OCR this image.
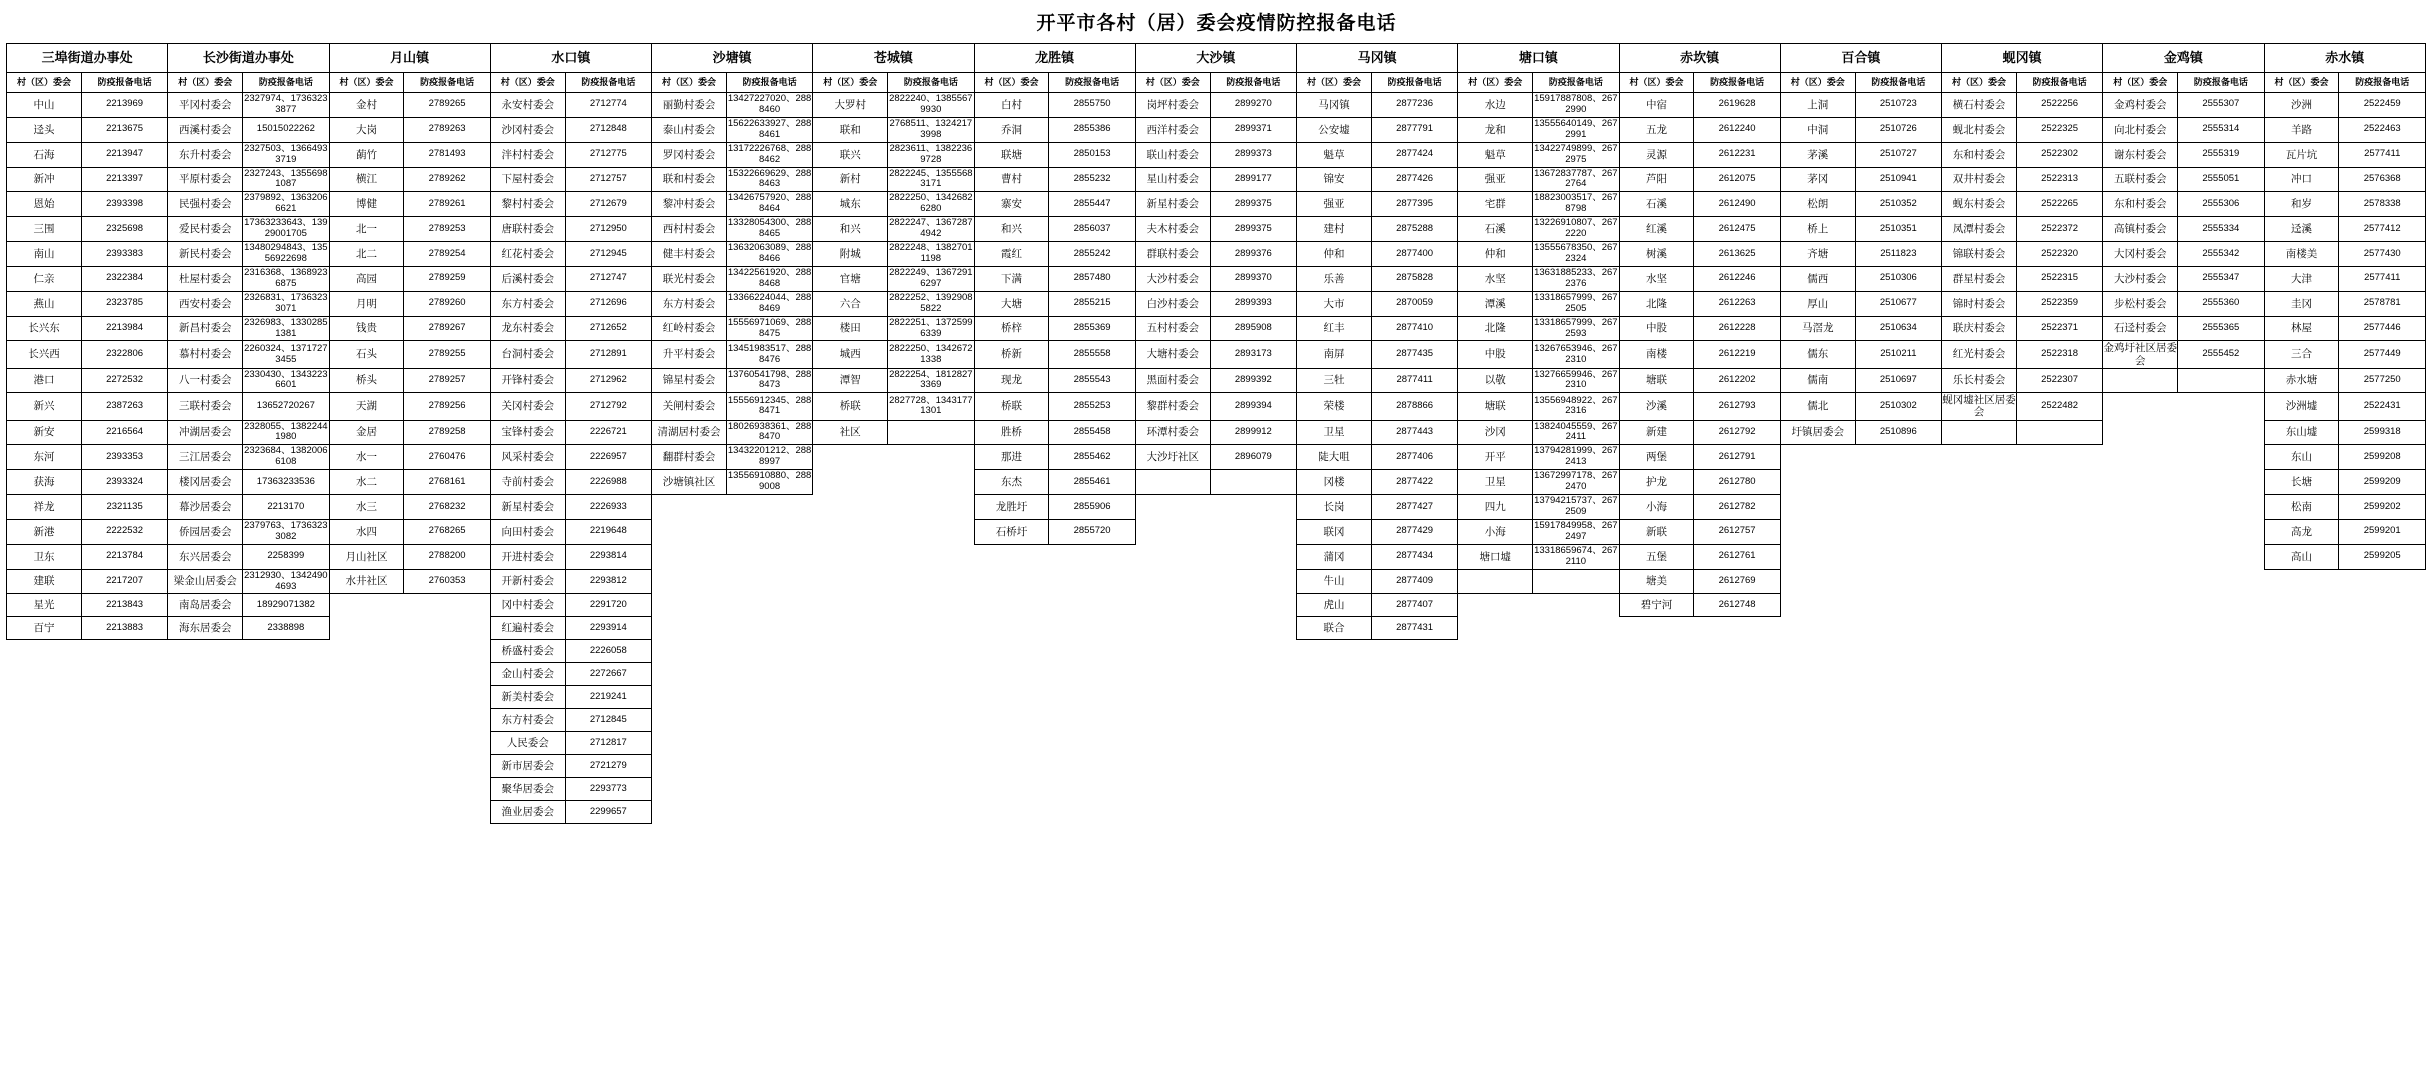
开平市各村（居）委会疫情防控报备电话
三埠街道办事处		长沙街道办事处		月山镇		水口镇		沙塘镇		苍城镇		龙胜镇		大沙镇		马冈镇		塘口镇		赤坎镇		百合镇		蚬冈镇		金鸡镇		赤水镇	
村（区）委会	防疫报备电话	村（区）委会	防疫报备电话	村（区）委会	防疫报备电话	村（区）委会	防疫报备电话	村（区）委会	防疫报备电话	村（区）委会	防疫报备电话	村（区）委会	防疫报备电话	村（区）委会	防疫报备电话	村（区）委会	防疫报备电话	村（区）委会	防疫报备电话	村（区）委会	防疫报备电话	村（区）委会	防疫报备电话	村（区）委会	防疫报备电话	村（区）委会	防疫报备电话	村（区）委会	防疫报备电话
中山	2213969	平冈村委会	2327974、17363233877	金村	2789265	永安村委会	2712774	丽勤村委会	13427227020、2888460	大罗村	2822240、13855679930	白村	2855750	岗坪村委会	2899270	马冈镇	2877236	水边	15917887808、2672990	中宿	2619628	上洞	2510723	横石村委会	2522256	金鸡村委会	2555307	沙洲	2522459
迳头	2213675	西溪村委会	15015022262	大岗	2789263	沙冈村委会	2712848	泰山村委会	15622633927、2888461	联和	2768511、13242173998	乔洞	2855386	西洋村委会	2899371	公安墟	2877791	龙和	13555640149、2672991	五龙	2612240	中洞	2510726	蚬北村委会	2522325	向北村委会	2555314	羊路	2522463
石海	2213947	东升村委会	2327503、13664933719	蓢竹	2781493	泮村村委会	2712775	罗冈村委会	13172226768、2888462	联兴	2823611、13822369728	联塘	2850153	联山村委会	2899373	魁草	2877424	魁草	13422749899、2672975	灵源	2612231	茅溪	2510727	东和村委会	2522302	谢东村委会	2555319	瓦片坑	2577411
新冲	2213397	平原村委会	2327243、13556981087	横江	2789262	下屋村委会	2712757	联和村委会	15322669629、2888463	新村	2822245、13555683171	曹村	2855232	星山村委会	2899177	锦安	2877426	强亚	13672837787、2672764	芦阳	2612075	茅冈	2510941	双井村委会	2522313	五联村委会	2555051	冲口	2576368
恩始	2393398	民强村委会	2379892、13632066621	博健	2789261	黎村村委会	2712679	黎冲村委会	13426757920、2888464	城东	2822250、13426826280	寨安	2855447	新星村委会	2899375	强亚	2877395	宅群	18823003517、2678798	石溪	2612490	松朗	2510352	蚬东村委会	2522265	东和村委会	2555306	和岁	2578338
三围	2325698	爱民村委会	17363233643、13929001705	北一	2789253	唐联村委会	2712950	西村村委会	13328054300、2888465	和兴	2822247、13672874942	和兴	2856037	夫木村委会	2899375	建村	2875288	石溪	13226910807、2672220	红溪	2612475	桥上	2510351	凤潭村委会	2522372	高镇村委会	2555334	迳溪	2577412
南山	2393383	新民村委会	13480294843、13556922698	北二	2789254	红花村委会	2712945	健丰村委会	13632063089、2888466	附城	2822248、13827011198	霞红	2855242	群联村委会	2899376	仲和	2877400	仲和	13555678350、2672324	树溪	2613625	齐塘	2511823	锦联村委会	2522320	大冈村委会	2555342	南楼美	2577430
仁亲	2322384	杜屋村委会	2316368、13689236875	高园	2789259	后溪村委会	2712747	联光村委会	13422561920、2888468	官塘	2822249、13672916297	下满	2857480	大沙村委会	2899370	乐善	2875828	水坚	13631885233、2672376	水坚	2612246	儒西	2510306	群星村委会	2522315	大沙村委会	2555347	大津	2577411
燕山	2323785	西安村委会	2326831、17363233071	月明	2789260	东方村委会	2712696	东方村委会	13366224044、2888469	六合	2822252、13929085822	大塘	2855215	白沙村委会	2899393	大市	2870059	潭溪	13318657999、2672505	北隆	2612263	厚山	2510677	锦时村委会	2522359	步松村委会	2555360	圭冈	2578781
长兴东	2213984	新昌村委会	2326983、13302851381	钱贵	2789267	龙东村委会	2712652	红岭村委会	15556971069、2888475	楼田	2822251、13725996339	桥梓	2855369	五村村委会	2895908	红丰	2877410	北隆	13318657999、2672593	中股	2612228	马滘龙	2510634	联庆村委会	2522371	石迳村委会	2555365	林屋	2577446
长兴西	2322806	慕村村委会	2260324、13717273455	石头	2789255	台洞村委会	2712891	升平村委会	13451983517、2888476	城西	2822250、13426721338	桥新	2855558	大塘村委会	2893173	南屏	2877435	中股	13267653946、2672310	南楼	2612219	儒东	2510211	红光村委会	2522318	金鸡圩社区居委会	2555452	三合	2577449
港口	2272532	八一村委会	2330430、13432236601	桥头	2789257	开锋村委会	2712962	锦星村委会	13760541798、2888473	潭智	2822254、18128273369	现龙	2855543	黑面村委会	2899392	三牡	2877411	以敬	13276659946、2672310	塘联	2612202	儒南	2510697	乐长村委会	2522307			赤水塘	2577250
新兴	2387263	三联村委会	13652720267	天湖	2789256	关冈村委会	2712792	关闸村委会	15556912345、2888471	桥联	2827728、13431771301	桥联	2855253	黎群村委会	2899394	荣楼	2878866	塘联	13556948922、2672316	沙溪	2612793	儒北	2510302	蚬冈墟社区居委会	2522482			沙洲墟	2522431
新安	2216564	冲湖居委会	2328055、13822441980	金居	2789258	宝锋村委会	2226721	清湖居村委会	18026938361、2888470	社区		胜桥	2855458	环潭村委会	2899912	卫星	2877443	沙冈	13824045559、2672411	新建	2612792	圩镇居委会	2510896					东山墟	2599318
东河	2393353	三江居委会	2323684、13820066108	水一	2760476	风采村委会	2226957	翻群村委会	13432201212、2888997			那进	2855462	大沙圩社区	2896079	陡大咀	2877406	开平	13794281999、2672413	两堡	2612791							东山	2599208
获海	2393324	楼冈居委会	17363233536	水二	2768161	寺前村委会	2226988	沙塘镇社区	13556910880、2889008			东杰	2855461			冈楼	2877422	卫星	13672997178、2672470	护龙	2612780							长塘	2599209
祥龙	2321135	幕沙居委会	2213170	水三	2768232	新星村委会	2226933					龙胜圩	2855906			长岗	2877427	四九	13794215737、2672509	小海	2612782							松南	2599202
新港	2222532	侨园居委会	2379763、17363233082	水四	2768265	向田村委会	2219648					石桥圩	2855720			联冈	2877429	小海	15917849958、2672497	新联	2612757							高龙	2599201
卫东	2213784	东兴居委会	2258399	月山社区	2788200	开进村委会	2293814									蒲冈	2877434	塘口墟	13318659674、2672110	五堡	2612761							高山	2599205
建联	2217207	梁金山居委会	2312930、13424904693	水井社区	2760353	开新村委会	2293812									牛山	2877409			塘美	2612769								
星光	2213843	南岛居委会	18929071382			冈中村委会	2291720									虎山	2877407			碧宁河	2612748								
百宁	2213883	海东居委会	2338898			红遍村委会	2293914									联合	2877431												
						桥盛村委会	2226058																						
						金山村委会	2272667																						
						新美村委会	2219241																						
						东方村委会	2712845																						
						人民委会	2712817																						
						新市居委会	2721279																						
						聚华居委会	2293773																						
						渔业居委会	2299657																						
